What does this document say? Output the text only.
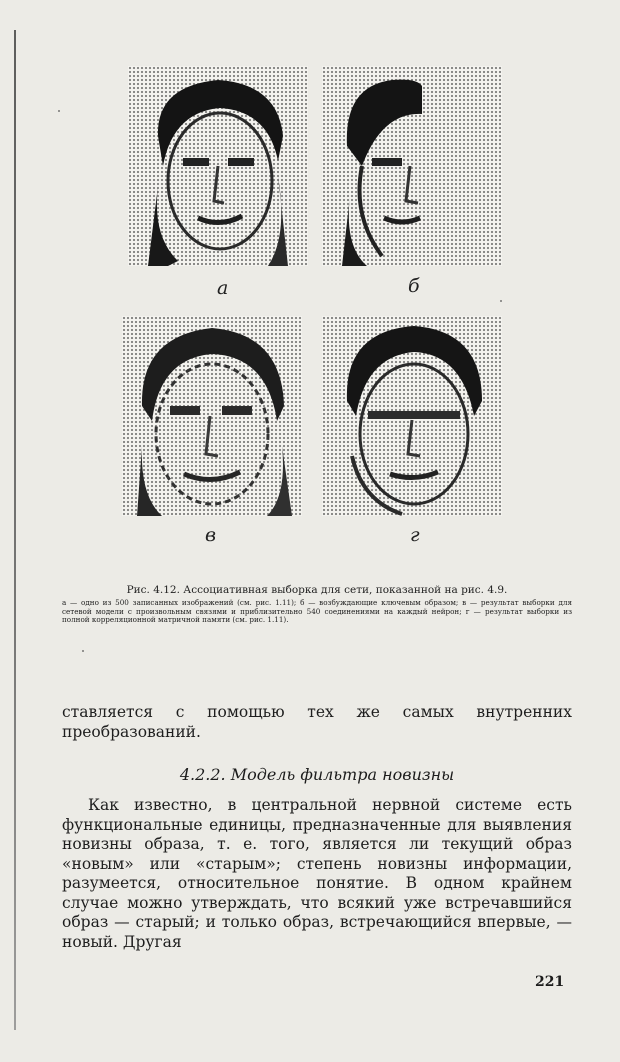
а	б
в	г
Рис. 4.12. Ассоциативная выборка для сети, показанной на рис. 4.9.
а — одно из 500 записанных изображений (см. рис. 1.11); б — возбуждающие ключевым образом; в — результат выборки для сетевой модели с произвольным связями и приблизительно 540 соединениями на каждый нейрон; г — результат выборки из полной корреляционной матричной памяти (см. рис. 1.11).
ставляется с помощью тех же самых внутренних преобразований.
4.2.2. Модель фильтра новизны
Как известно, в центральной нервной системе есть функциональные единицы, предназначенные для выявления новизны образа, т. е. того, является ли текущий образ «новым» или «старым»; степень новизны информации, разумеется, относительное понятие. В одном крайнем случае можно утверждать, что всякий уже встречавшийся образ — старый; и только образ, встречающийся впервые, — новый. Другая
221
